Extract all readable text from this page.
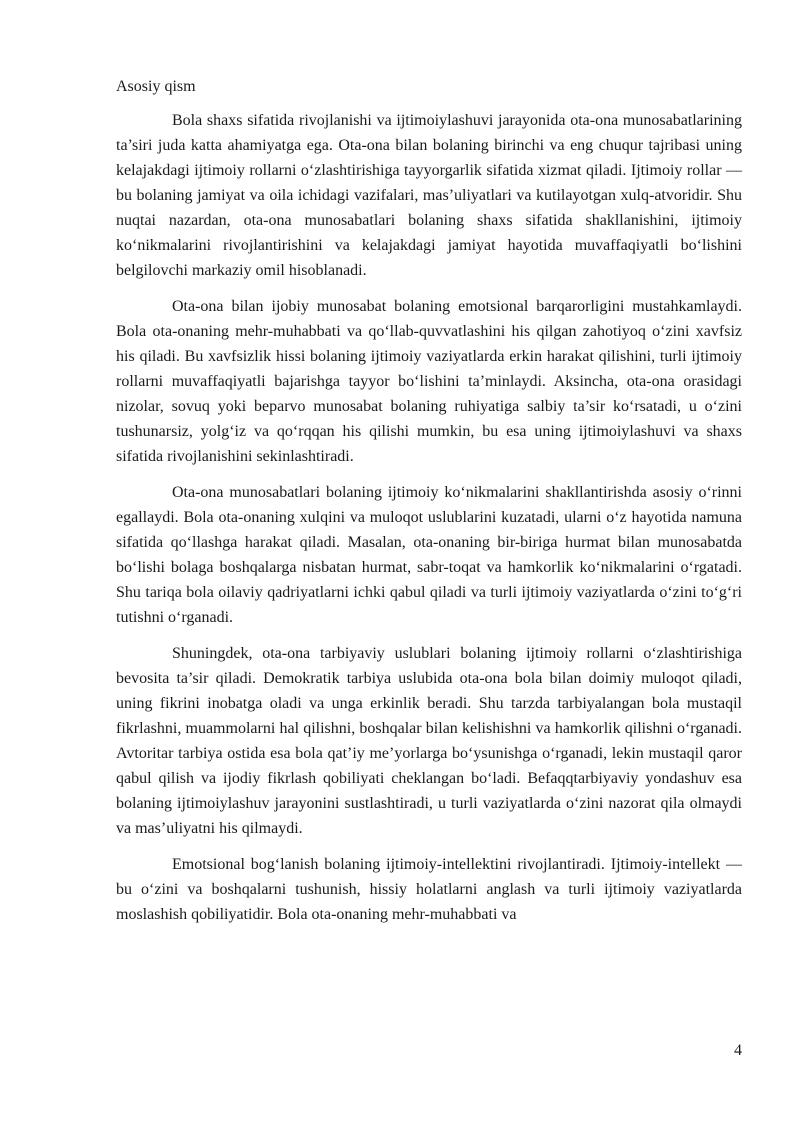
Asosiy qism

Bola shaxs sifatida rivojlanishi va ijtimoiylashuvi jarayonida ota-ona munosabatlarining ta’siri juda katta ahamiyatga ega. Ota-ona bilan bolaning birinchi va eng chuqur tajribasi uning kelajakdagi ijtimoiy rollarni o‘zlashtirishiga tayyorgarlik sifatida xizmat qiladi. Ijtimoiy rollar — bu bolaning jamiyat va oila ichidagi vazifalari, mas’uliyatlari va kutilayotgan xulq-atvoridir. Shu nuqtai nazardan, ota-ona munosabatlari bolaning shaxs sifatida shakllanishini, ijtimoiy ko‘nikmalarini rivojlantirishini va kelajakdagi jamiyat hayotida muvaffaqiyatli bo‘lishini belgilovchi markaziy omil hisoblanadi.

Ota-ona bilan ijobiy munosabat bolaning emotsional barqarorligini mustahkamlaydi. Bola ota-onaning mehr-muhabbati va qo‘llab-quvvatlashini his qilgan zahotiyoq o‘zini xavfsiz his qiladi. Bu xavfsizlik hissi bolaning ijtimoiy vaziyatlarda erkin harakat qilishini, turli ijtimoiy rollarni muvaffaqiyatli bajarishga tayyor bo‘lishini ta’minlaydi. Aksincha, ota-ona orasidagi nizolar, sovuq yoki beparvo munosabat bolaning ruhiyatiga salbiy ta’sir ko‘rsatadi, u o‘zini tushunarsiz, yolg‘iz va qo‘rqqan his qilishi mumkin, bu esa uning ijtimoiylashuvi va shaxs sifatida rivojlanishini sekinlashtiradi.

Ota-ona munosabatlari bolaning ijtimoiy ko‘nikmalarini shakllantirishda asosiy o‘rinni egallaydi. Bola ota-onaning xulqini va muloqot uslublarini kuzatadi, ularni o‘z hayotida namuna sifatida qo‘llashga harakat qiladi. Masalan, ota-onaning bir-biriga hurmat bilan munosabatda bo‘lishi bolaga boshqalarga nisbatan hurmat, sabr-toqat va hamkorlik ko‘nikmalarini o‘rgatadi. Shu tariqa bola oilaviy qadriyatlarni ichki qabul qiladi va turli ijtimoiy vaziyatlarda o‘zini to‘g‘ri tutishni o‘rganadi.

Shuningdek, ota-ona tarbiyaviy uslublari bolaning ijtimoiy rollarni o‘zlashtirishiga bevosita ta’sir qiladi. Demokratik tarbiya uslubida ota-ona bola bilan doimiy muloqot qiladi, uning fikrini inobatga oladi va unga erkinlik beradi. Shu tarzda tarbiyalangan bola mustaqil fikrlashni, muammolarni hal qilishni, boshqalar bilan kelishishni va hamkorlik qilishni o‘rganadi. Avtoritar tarbiya ostida esa bola qat’iy me’yorlarga bo‘ysunishga o‘rganadi, lekin mustaqil qaror qabul qilish va ijodiy fikrlash qobiliyati cheklangan bo‘ladi. Befaqqtarbiyaviy yondashuv esa bolaning ijtimoiylashuv jarayonini sustlashtiradi, u turli vaziyatlarda o‘zini nazorat qila olmaydi va mas’uliyatni his qilmaydi.

Emotsional bog‘lanish bolaning ijtimoiy-intellektini rivojlantiradi. Ijtimoiy-intellekt — bu o‘zini va boshqalarni tushunish, hissiy holatlarni anglash va turli ijtimoiy vaziyatlarda moslashish qobiliyatidir. Bola ota-onaning mehr-muhabbati va

4
